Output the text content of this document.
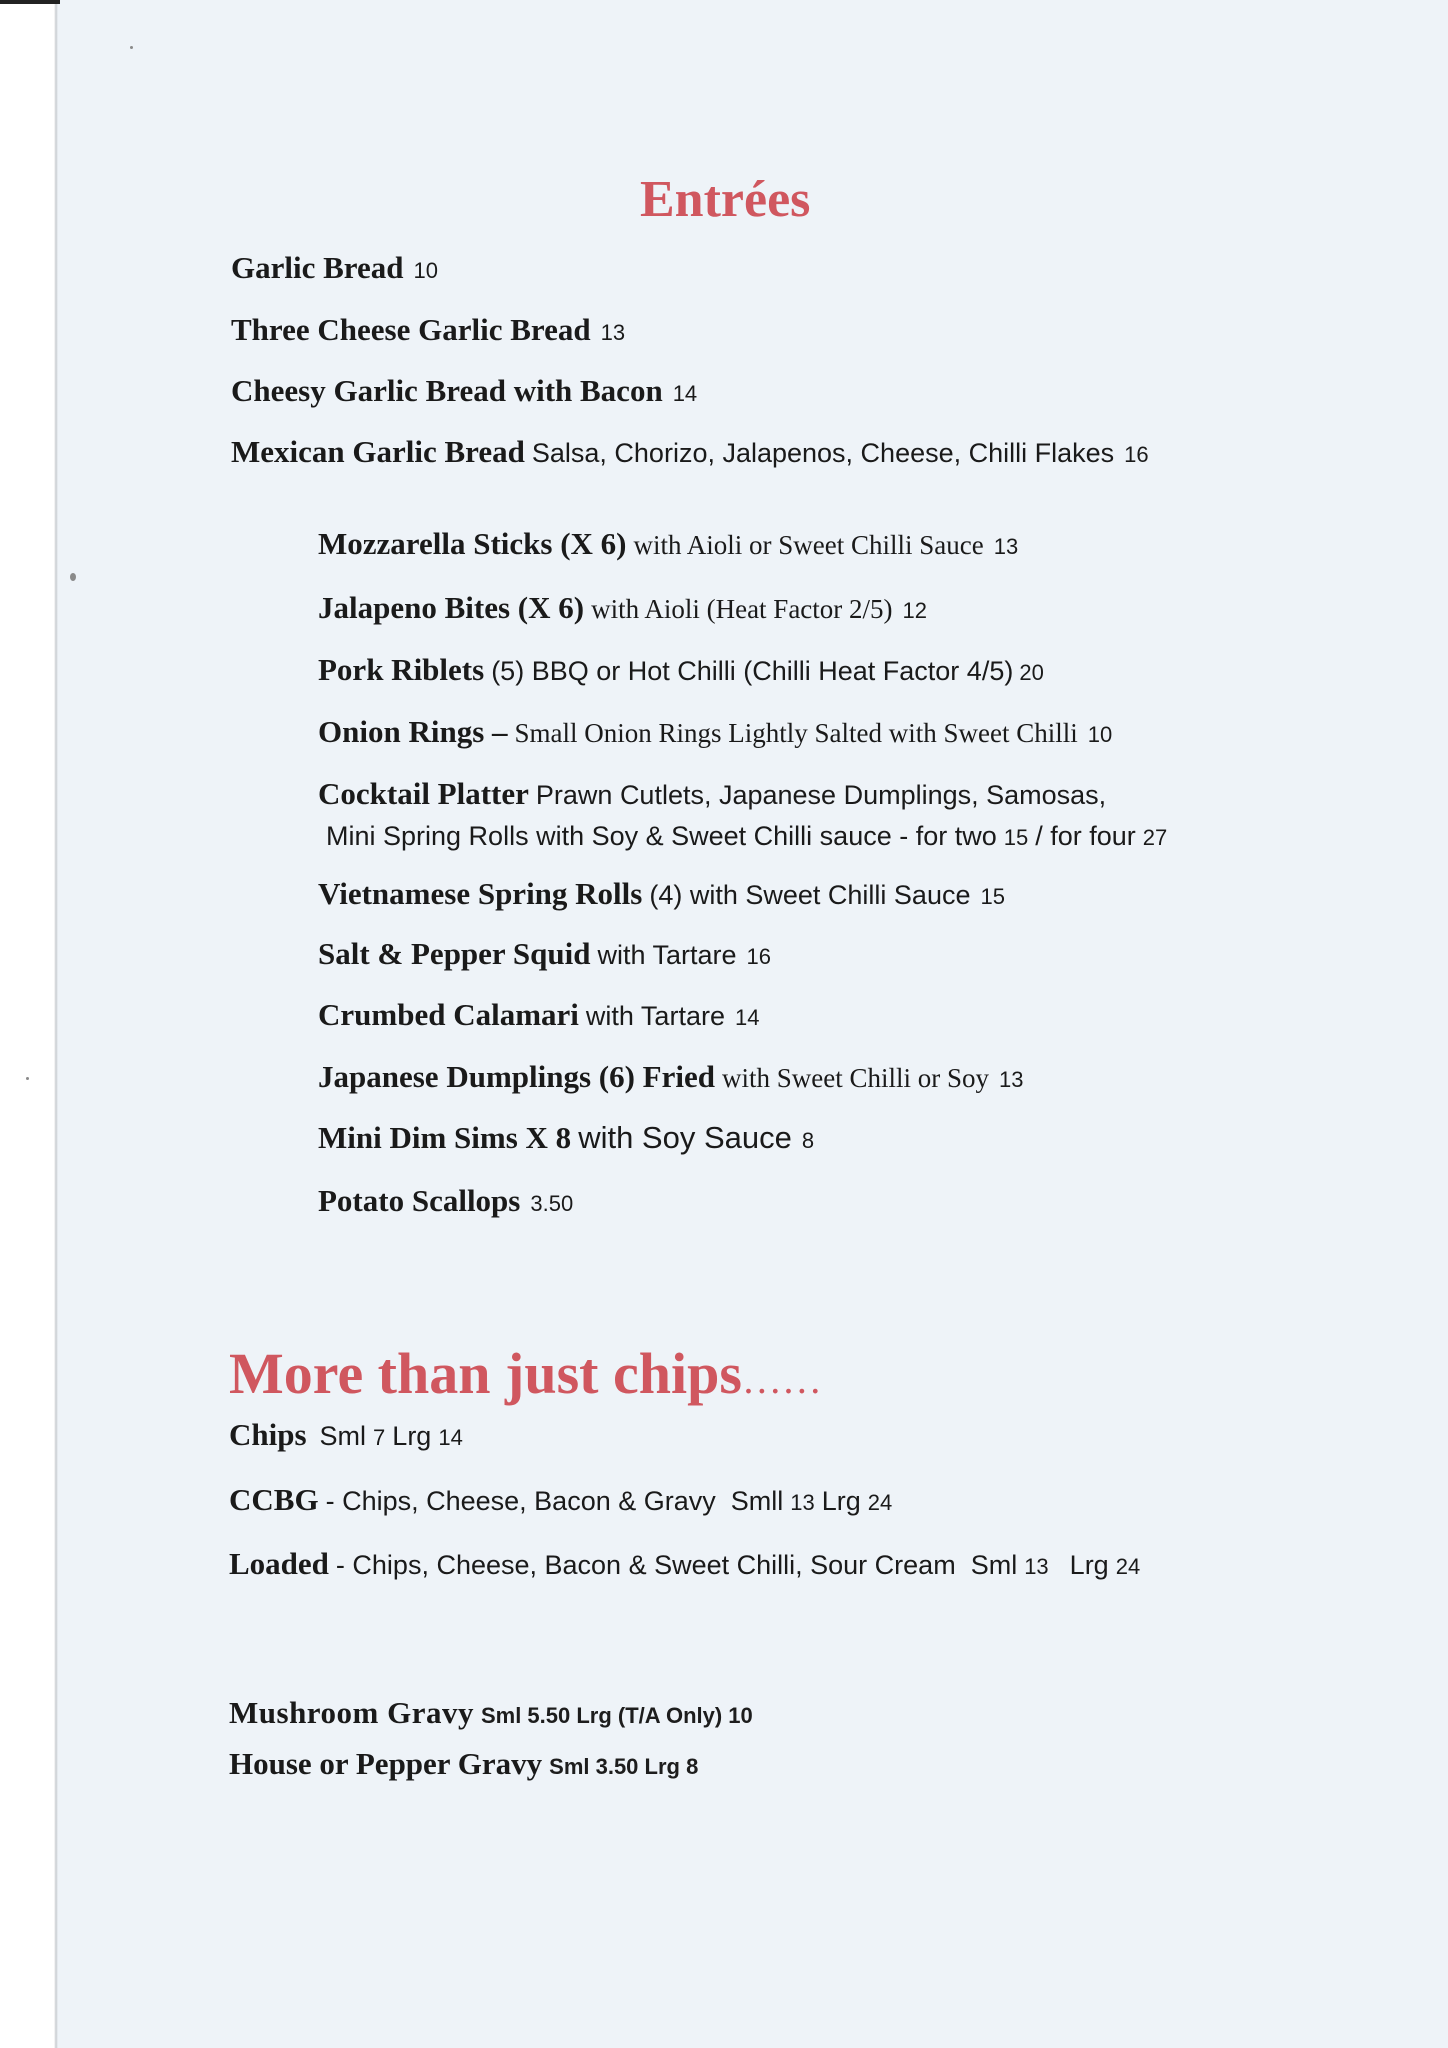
Entrées
Garlic Bread 10
Three Cheese Garlic Bread 13
Cheesy Garlic Bread with Bacon 14
Mexican Garlic Bread Salsa, Chorizo, Jalapenos, Cheese, Chilli Flakes 16
Mozzarella Sticks (X 6) with Aioli or Sweet Chilli Sauce 13
Jalapeno Bites (X 6) with Aioli (Heat Factor 2/5) 12
Pork Riblets (5) BBQ or Hot Chilli (Chilli Heat Factor 4/5) 20
Onion Rings – Small Onion Rings Lightly Salted with Sweet Chilli 10
Cocktail Platter Prawn Cutlets, Japanese Dumplings, Samosas,
Mini Spring Rolls with Soy & Sweet Chilli sauce - for two 15 / for four 27
Vietnamese Spring Rolls (4) with Sweet Chilli Sauce 15
Salt & Pepper Squid with Tartare 16
Crumbed Calamari with Tartare 14
Japanese Dumplings (6) Fried with Sweet Chilli or Soy 13
Mini Dim Sims X 8 with Soy Sauce 8
Potato Scallops 3.50
More than just chips……
Chips Sml 7 Lrg 14
CCBG - Chips, Cheese, Bacon & Gravy Smll 13 Lrg 24
Loaded - Chips, Cheese, Bacon & Sweet Chilli, Sour Cream Sml 13 Lrg 24
Mushroom Gravy Sml 5.50 Lrg (T/A Only) 10
House or Pepper Gravy Sml 3.50 Lrg 8
